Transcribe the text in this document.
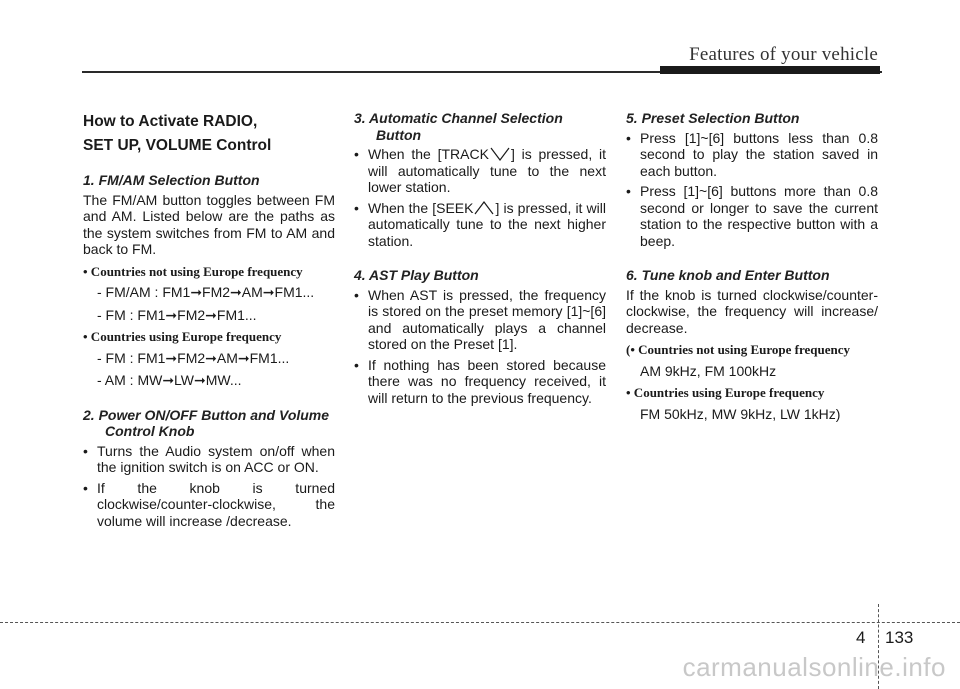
Features of your vehicle
How to Activate RADIO,
SET UP, VOLUME Control
1. FM/AM Selection Button

The FM/AM button toggles between FM and AM. Listed below are the paths as the system switches from FM to AM and back to FM.

• Countries not using Europe frequency
- FM/AM : FM1➞FM2➞AM➞FM1...
- FM : FM1➞FM2➞FM1...
• Countries using Europe frequency
- FM : FM1➞FM2➞AM➞FM1...
- AM : MW➞LW➞MW...
2. Power ON/OFF Button and Volume
Control Knob
• Turns the Audio system on/off when the ignition switch is on ACC or ON.
• If the knob is turned clockwise/counter-clockwise, the volume will increase /decrease.
3. Automatic Channel Selection
Button
• When the [TRACK ] is pressed, it will automatically tune to the next lower station.
• When the [SEEK ] is pressed, it will automatically tune to the next higher station.
4. AST Play Button
• When AST is pressed, the frequency is stored on the preset memory [1]~[6] and automatically plays a channel stored on the Preset [1].
• If nothing has been stored because there was no frequency received, it will return to the previous frequency.
5. Preset Selection Button
• Press [1]~[6] buttons less than 0.8 second to play the station saved in each button.
• Press [1]~[6] buttons more than 0.8 second or longer to save the current station to the respective button with a beep.
6. Tune knob and Enter Button

If the knob is turned clockwise/counter-clockwise, the frequency will increase/ decrease.

(• Countries not using Europe frequency
AM 9kHz, FM 100kHz
• Countries using Europe frequency
FM 50kHz, MW 9kHz, LW 1kHz)
4 133
carmanualsonline.info
